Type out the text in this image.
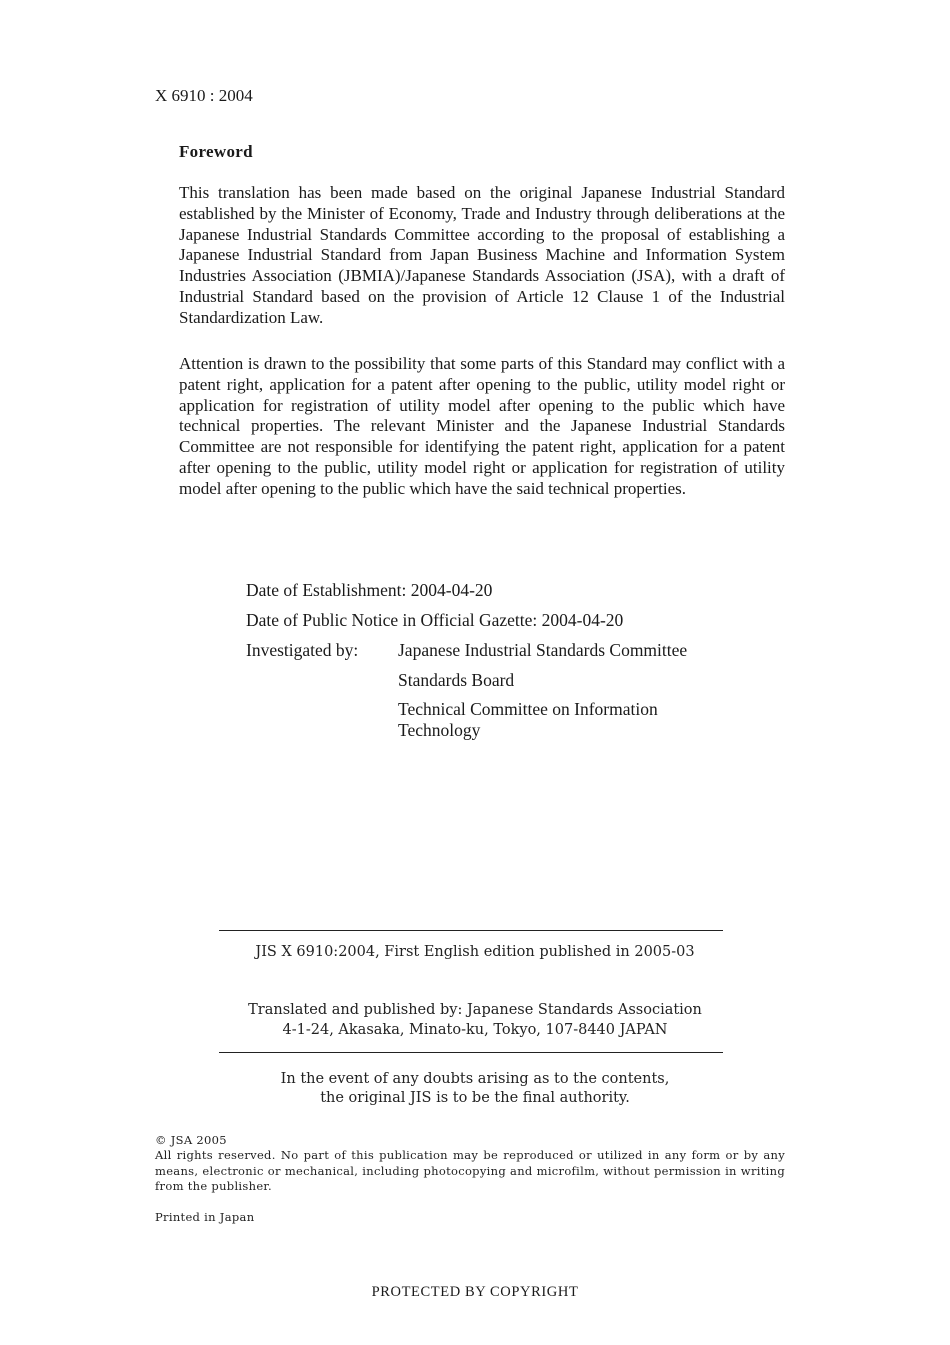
X 6910 : 2004
Foreword

This translation has been made based on the original Japanese Industrial Standard established by the Minister of Economy, Trade and Industry through deliberations at the Japanese Industrial Standards Committee according to the proposal of establishing a Japanese Industrial Standard from Japan Business Machine and Information System Industries Association (JBMIA)/Japanese Standards Association (JSA), with a draft of Industrial Standard based on the provision of Article 12 Clause 1 of the Industrial Standardization Law.

Attention is drawn to the possibility that some parts of this Standard may conflict with a patent right, application for a patent after opening to the public, utility model right or application for registration of utility model after opening to the public which have technical properties. The relevant Minister and the Japanese Industrial Standards Committee are not responsible for identifying the patent right, application for a patent after opening to the public, utility model right or application for registration of utility model after opening to the public which have the said technical properties.

Date of Establishment: 2004-04-20
Date of Public Notice in Official Gazette: 2004-04-20
Investigated by: Japanese Industrial Standards Committee
Standards Board
Technical Committee on Information Technology
JIS X 6910:2004, First English edition published in 2005-03
Translated and published by: Japanese Standards Association
4-1-24, Akasaka, Minato-ku, Tokyo, 107-8440 JAPAN
In the event of any doubts arising as to the contents,
the original JIS is to be the final authority.
© JSA 2005
All rights reserved. No part of this publication may be reproduced or utilized in any form or by any means, electronic or mechanical, including photocopying and microfilm, without permission in writing from the publisher.
Printed in Japan
PROTECTED BY COPYRIGHT
